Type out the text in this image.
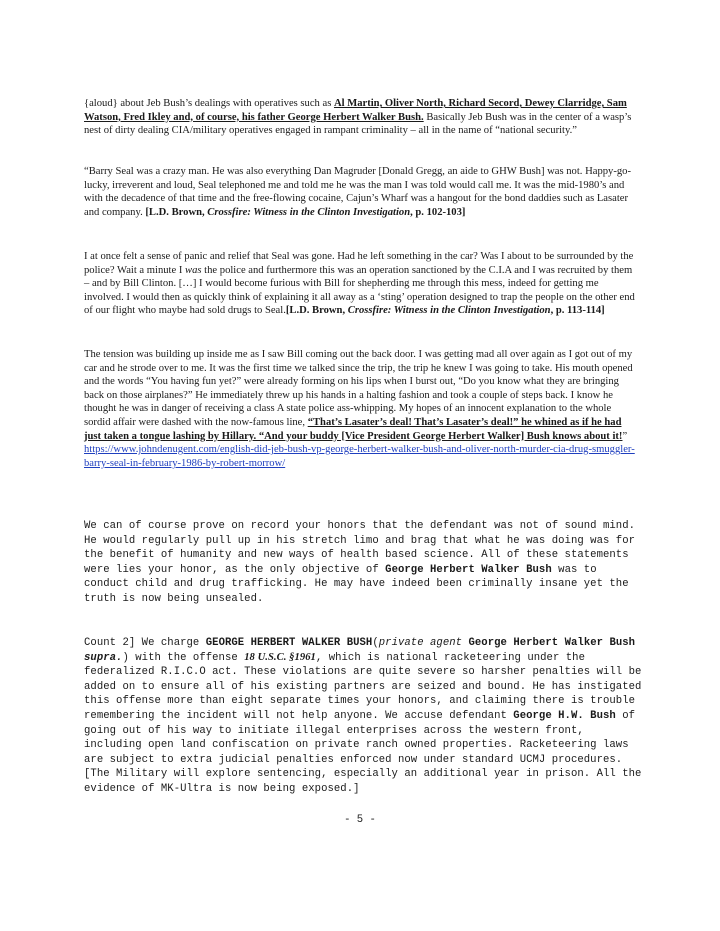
{aloud} about Jeb Bush’s dealings with operatives such as Al Martin, Oliver North, Richard Secord, Dewey Clarridge, Sam Watson, Fred Ikley and, of course, his father George Herbert Walker Bush. Basically Jeb Bush was in the center of a wasp’s nest of dirty dealing CIA/military operatives engaged in rampant criminality – all in the name of “national security.”

“Barry Seal was a crazy man. He was also everything Dan Magruder [Donald Gregg, an aide to GHW Bush] was not. Happy-go-lucky, irreverent and loud, Seal telephoned me and told me he was the man I was told would call me. It was the mid-1980’s and with the decadence of that time and the free-flowing cocaine, Cajun’s Wharf was a hangout for the bond daddies such as Lasater and company. [L.D. Brown, Crossfire: Witness in the Clinton Investigation, p. 102-103]

I at once felt a sense of panic and relief that Seal was gone. Had he left something in the car? Was I about to be surrounded by the police? Wait a minute I was the police and furthermore this was an operation sanctioned by the C.I.A and I was recruited by them – and by Bill Clinton. […] I would become furious with Bill for shepherding me through this mess, indeed for getting me involved. I would then as quickly think of explaining it all away as a ‘sting’ operation designed to trap the people on the other end of our flight who maybe had sold drugs to Seal.[L.D. Brown, Crossfire: Witness in the Clinton Investigation, p. 113-114]

The tension was building up inside me as I saw Bill coming out the back door. I was getting mad all over again as I got out of my car and he strode over to me. It was the first time we talked since the trip, the trip he knew I was going to take. His mouth opened and the words “You having fun yet?” were already forming on his lips when I burst out, “Do you know what they are bringing back on those airplanes?” He immediately threw up his hands in a halting fashion and took a couple of steps back. I know he thought he was in danger of receiving a class A state police ass-whipping. My hopes of an innocent explanation to the whole sordid affair were dashed with the now-famous line, “That’s Lasater’s deal! That’s Lasater’s deal!” he whined as if he had just taken a tongue lashing by Hillary. “And your buddy [Vice President George Herbert Walker] Bush knows about it!”
https://www.johndenugent.com/english-did-jeb-bush-vp-george-herbert-walker-bush-and-oliver-north-murder-cia-drug-smuggler-barry-seal-in-february-1986-by-robert-morrow/

We can of course prove on record your honors that the defendant was not of sound mind. He would regularly pull up in his stretch limo and brag that what he was doing was for the benefit of humanity and new ways of health based science. All of these statements were lies your honor, as the only objective of George Herbert Walker Bush was to conduct child and drug trafficking. He may have indeed been criminally insane yet the truth is now being unsealed.

Count 2] We charge GEORGE HERBERT WALKER BUSH(private agent George Herbert Walker Bush supra.) with the offense 18 U.S.C. §1961, which is national racketeering under the federalized R.I.C.O act. These violations are quite severe so harsher penalties will be added on to ensure all of his existing partners are seized and bound. He has instigated this offense more than eight separate times your honors, and claiming there is trouble remembering the incident will not help anyone. We accuse defendant George H.W. Bush of going out of his way to initiate illegal enterprises across the western front, including open land confiscation on private ranch owned properties. Racketeering laws are subject to extra judicial penalties enforced now under standard UCMJ procedures. [The Military will explore sentencing, especially an additional year in prison. All the evidence of MK-Ultra is now being exposed.]

- 5 -
